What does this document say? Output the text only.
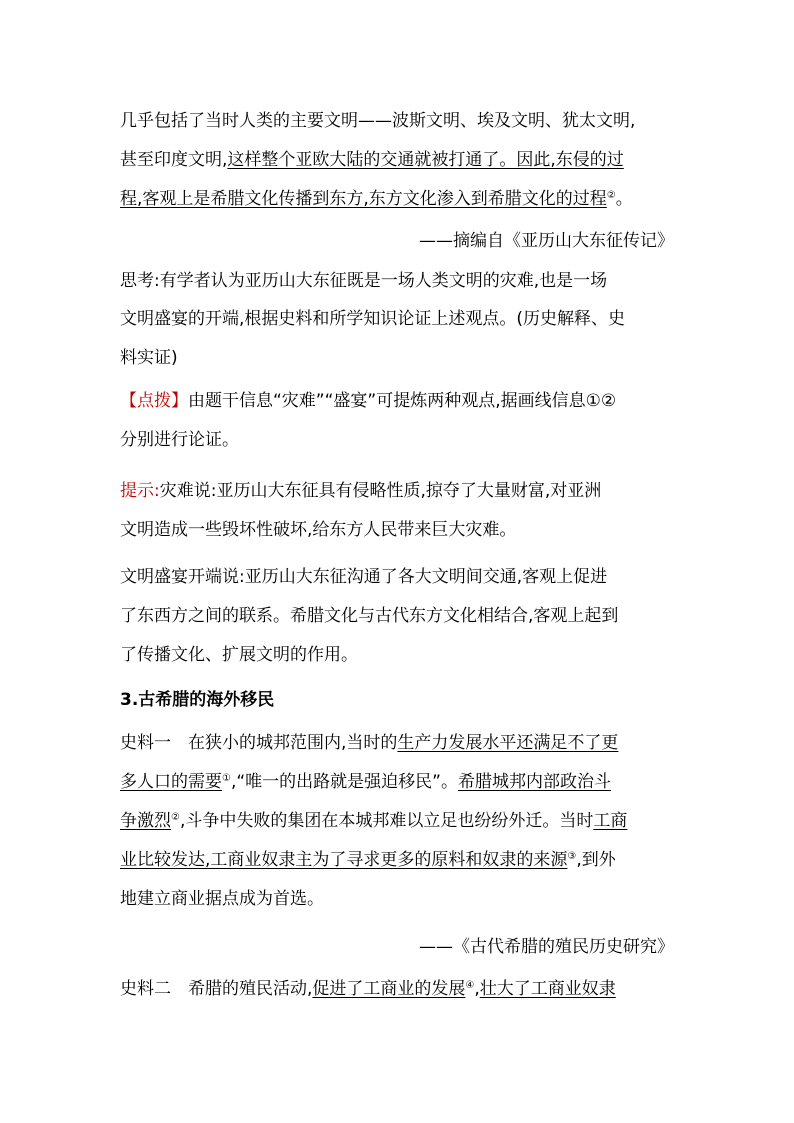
几乎包括了当时人类的主要文明——波斯文明、埃及文明、犹太文明,
甚至印度文明,这样整个亚欧大陆的交通就被打通了。因此,东侵的过
程,客观上是希腊文化传播到东方,东方文化渗入到希腊文化的过程②。
——摘编自《亚历山大东征传记》
思考:有学者认为亚历山大东征既是一场人类文明的灾难,也是一场
文明盛宴的开端,根据史料和所学知识论证上述观点。(历史解释、史
料实证)
【点拨】由题干信息“灾难”“盛宴”可提炼两种观点,据画线信息①②
分别进行论证。
提示:灾难说:亚历山大东征具有侵略性质,掠夺了大量财富,对亚洲
文明造成一些毁坏性破坏,给东方人民带来巨大灾难。
文明盛宴开端说:亚历山大东征沟通了各大文明间交通,客观上促进
了东西方之间的联系。希腊文化与古代东方文化相结合,客观上起到
了传播文化、扩展文明的作用。
3.古希腊的海外移民
史料一　在狭小的城邦范围内,当时的生产力发展水平还满足不了更
多人口的需要①,“唯一的出路就是强迫移民”。希腊城邦内部政治斗
争激烈②,斗争中失败的集团在本城邦难以立足也纷纷外迁。当时工商
业比较发达,工商业奴隶主为了寻求更多的原料和奴隶的来源③,到外
地建立商业据点成为首选。
——《古代希腊的殖民历史研究》
史料二　希腊的殖民活动,促进了工商业的发展④,壮大了工商业奴隶
